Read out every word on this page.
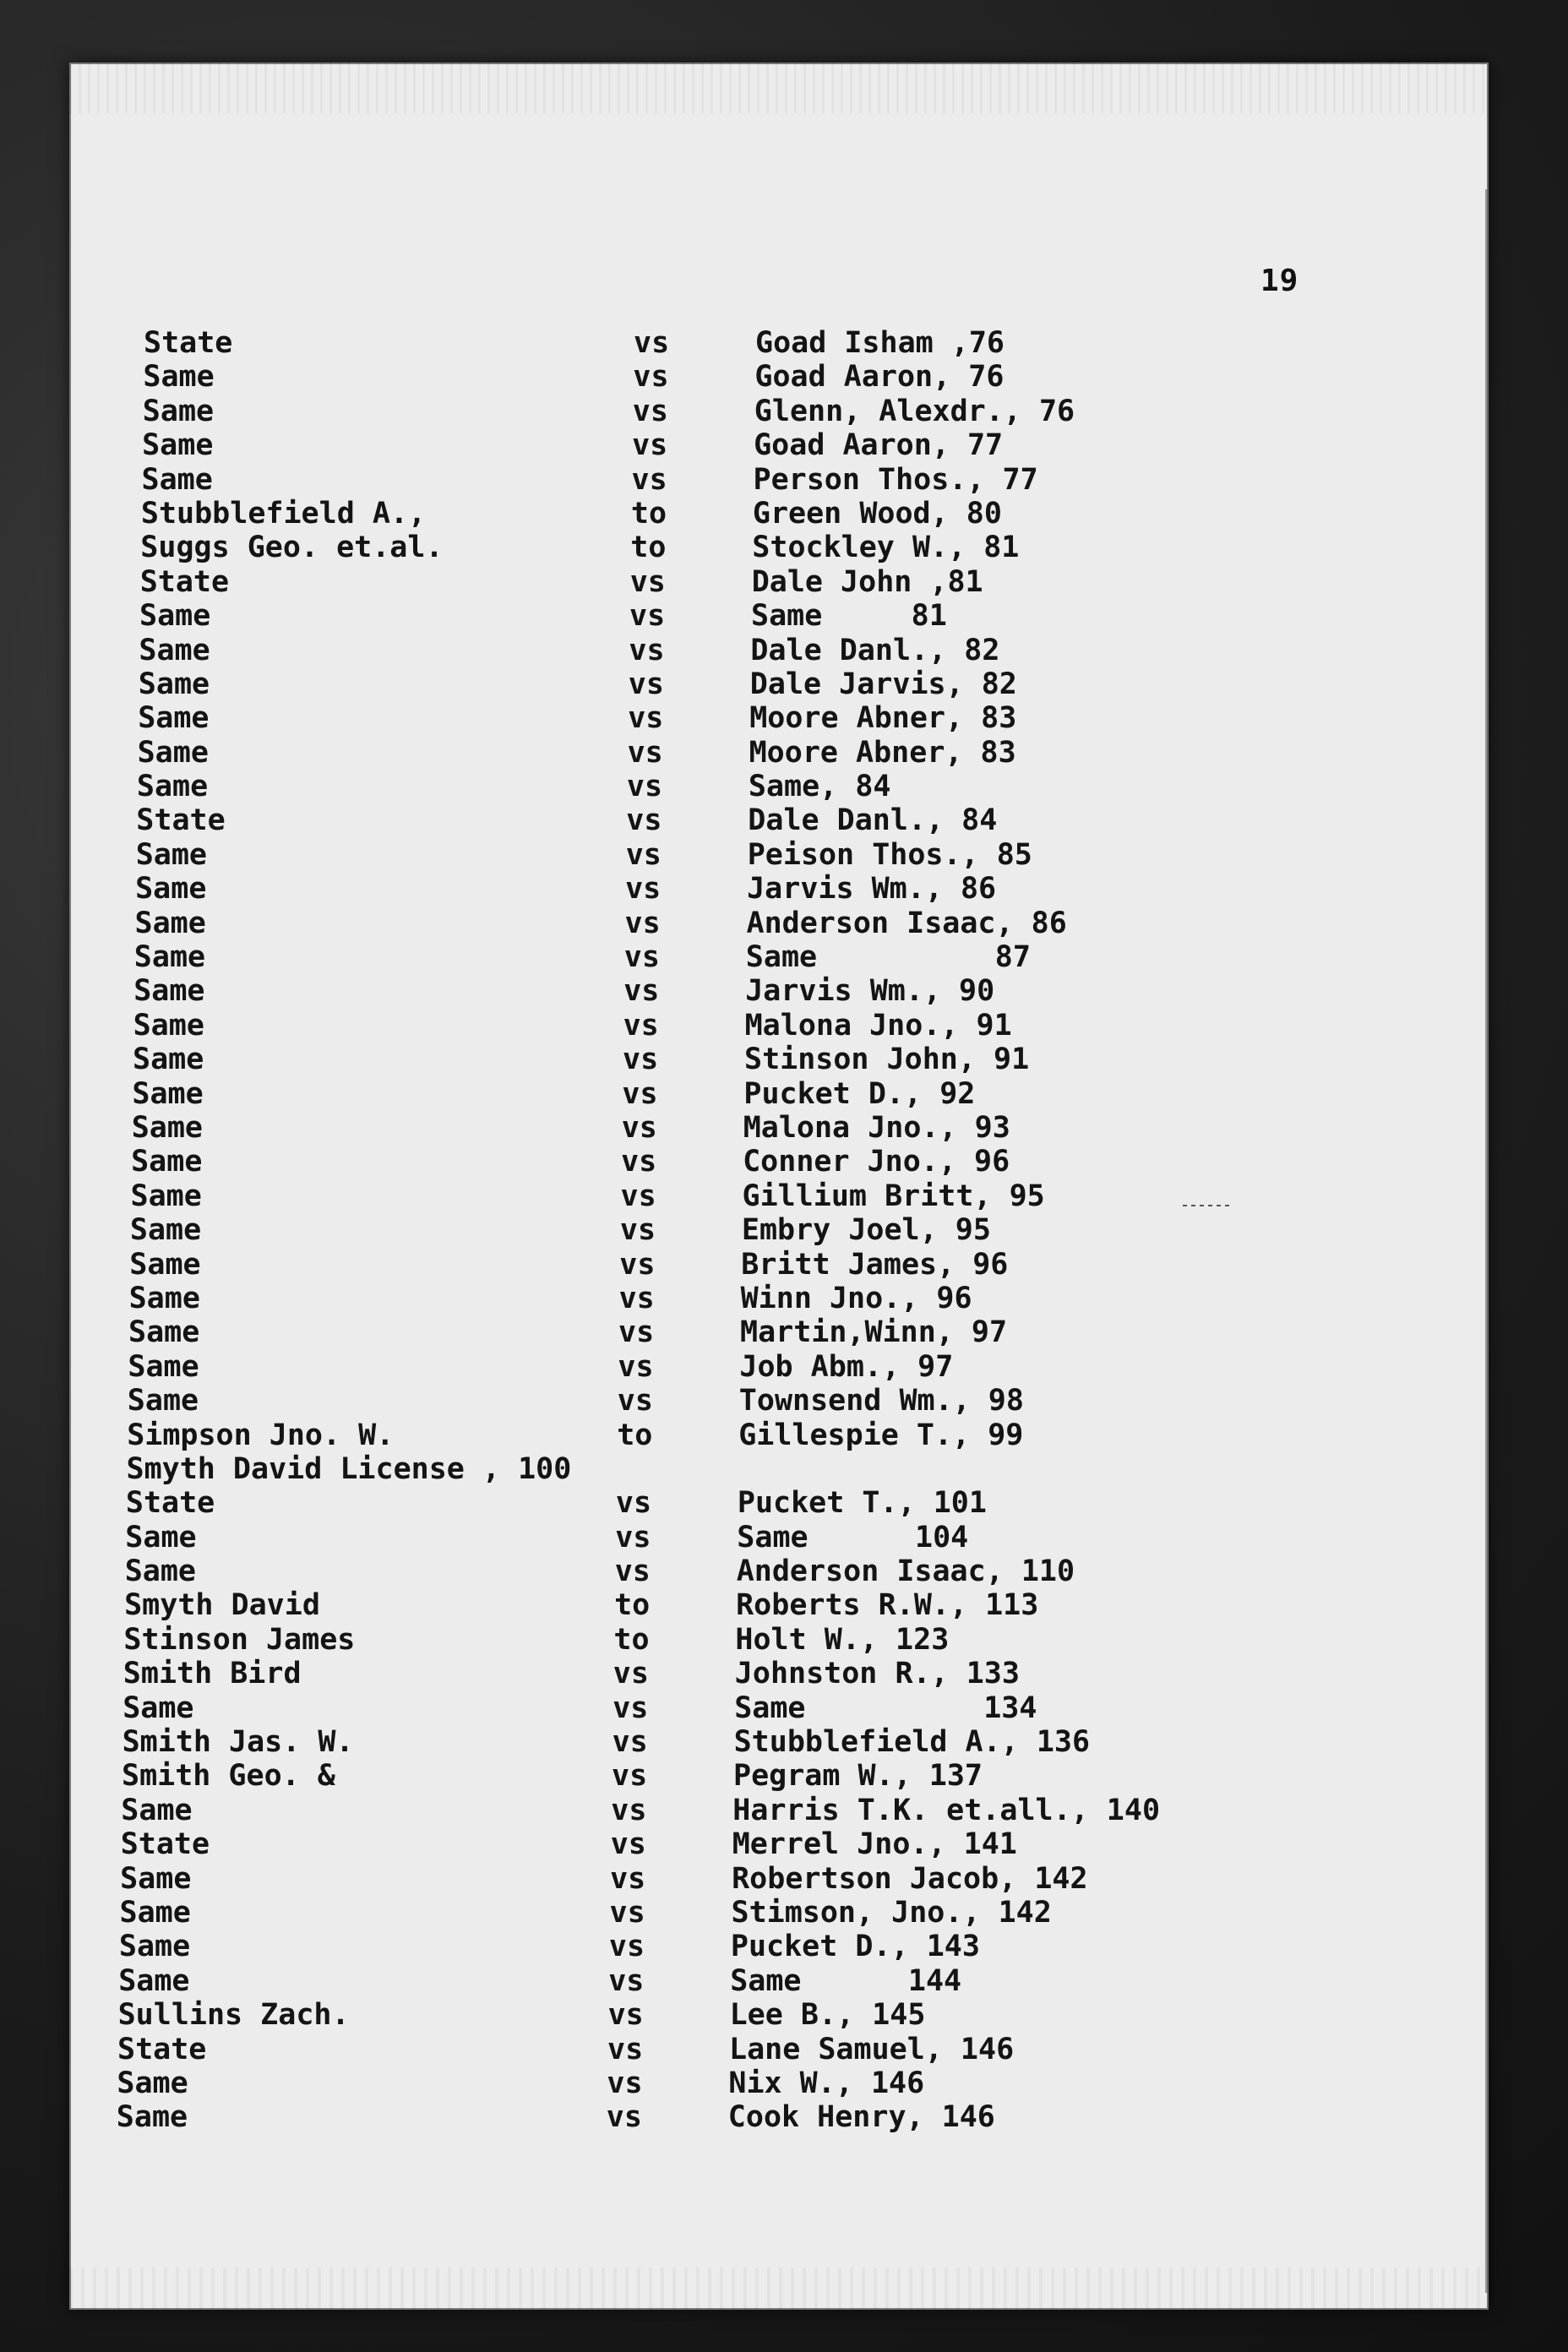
19
State	vs	Goad Isham ,76
Same	vs	Goad Aaron, 76
Same	vs	Glenn, Alexdr., 76
Same	vs	Goad Aaron, 77
Same	vs	Person Thos., 77
Stubblefield A.,	to	Green Wood, 80
Suggs Geo. et.al.	to	Stockley W., 81
State	vs	Dale John ,81
Same	vs	Same     81
Same	vs	Dale Danl., 82
Same	vs	Dale Jarvis, 82
Same	vs	Moore Abner, 83
Same	vs	Moore Abner, 83
Same	vs	Same, 84
State	vs	Dale Danl., 84
Same	vs	Peison Thos., 85
Same	vs	Jarvis Wm., 86
Same	vs	Anderson Isaac, 86
Same	vs	Same          87
Same	vs	Jarvis Wm., 90
Same	vs	Malona Jno., 91
Same	vs	Stinson John, 91
Same	vs	Pucket D., 92
Same	vs	Malona Jno., 93
Same	vs	Conner Jno., 96
Same	vs	Gillium Britt, 95
Same	vs	Embry Joel, 95
Same	vs	Britt James, 96
Same	vs	Winn Jno., 96
Same	vs	Martin,Winn, 97
Same	vs	Job Abm., 97
Same	vs	Townsend Wm., 98
Simpson Jno. W.	to	Gillespie T., 99
Smyth David License , 100
State	vs	Pucket T., 101
Same	vs	Same      104
Same	vs	Anderson Isaac, 110
Smyth David	to	Roberts R.W., 113
Stinson James	to	Holt W., 123
Smith Bird	vs	Johnston R., 133
Same	vs	Same          134
Smith Jas. W.	vs	Stubblefield A., 136
Smith Geo. &	vs	Pegram W., 137
Same	vs	Harris T.K. et.all., 140
State	vs	Merrel Jno., 141
Same	vs	Robertson Jacob, 142
Same	vs	Stimson, Jno., 142
Same	vs	Pucket D., 143
Same	vs	Same      144
Sullins Zach.	vs	Lee B., 145
State	vs	Lane Samuel, 146
Same	vs	Nix W., 146
Same	vs	Cook Henry, 146
